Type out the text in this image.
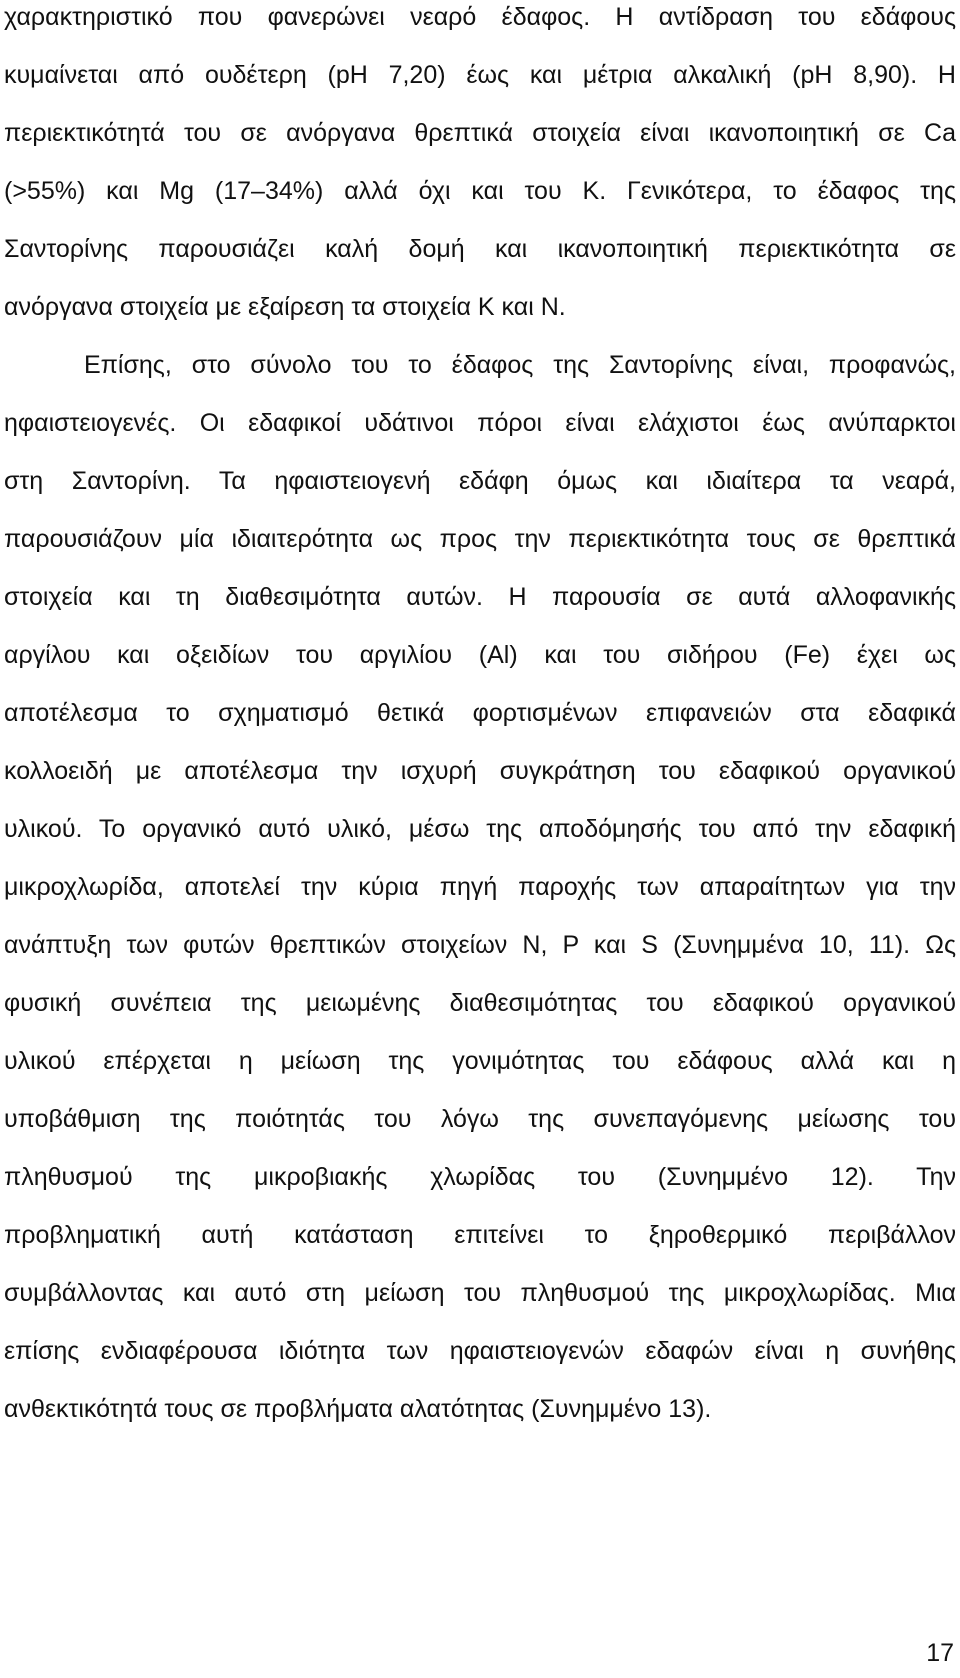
χαρακτηριστικό που φανερώνει νεαρό έδαφος. Η αντίδραση του εδάφους

κυμαίνεται από ουδέτερη (pH 7,20) έως και μέτρια αλκαλική (pH 8,90). Η

περιεκτικότητά του σε ανόργανα θρεπτικά στοιχεία είναι ικανοποιητική σε Ca

(>55%) και Mg (17–34%) αλλά όχι και του K. Γενικότερα, το έδαφος της

Σαντορίνης παρουσιάζει καλή δομή και ικανοποιητική περιεκτικότητα σε

ανόργανα στοιχεία με εξαίρεση τα στοιχεία K και N.

Επίσης, στο σύνολο του το έδαφος της Σαντορίνης είναι, προφανώς,

ηφαιστειογενές. Οι εδαφικοί υδάτινοι πόροι είναι ελάχιστοι έως ανύπαρκτοι

στη Σαντορίνη. Τα ηφαιστειογενή εδάφη όμως και ιδιαίτερα τα νεαρά,

παρουσιάζουν μία ιδιαιτερότητα ως προς την περιεκτικότητα τους σε θρεπτικά

στοιχεία και τη διαθεσιμότητα αυτών. Η παρουσία σε αυτά αλλοφανικής

αργίλου και οξειδίων του αργιλίου (Al) και του σιδήρου (Fe) έχει ως

αποτέλεσμα το σχηματισμό θετικά φορτισμένων επιφανειών στα εδαφικά

κολλοειδή με αποτέλεσμα την ισχυρή συγκράτηση του εδαφικού οργανικού

υλικού. Το οργανικό αυτό υλικό, μέσω της αποδόμησής του από την εδαφική

μικροχλωρίδα, αποτελεί την κύρια πηγή παροχής των απαραίτητων για την

ανάπτυξη των φυτών θρεπτικών στοιχείων N, P και S (Συνημμένα 10, 11). Ως

φυσική συνέπεια της μειωμένης διαθεσιμότητας του εδαφικού οργανικού

υλικού επέρχεται η μείωση της γονιμότητας του εδάφους αλλά και η

υποβάθμιση της ποιότητάς του λόγω της συνεπαγόμενης μείωσης του

πληθυσμού της μικροβιακής χλωρίδας του (Συνημμένο 12). Την

προβληματική αυτή κατάσταση επιτείνει το ξηροθερμικό περιβάλλον

συμβάλλοντας και αυτό στη μείωση του πληθυσμού της μικροχλωρίδας. Μια

επίσης ενδιαφέρουσα ιδιότητα των ηφαιστειογενών εδαφών είναι η συνήθης

ανθεκτικότητά τους σε προβλήματα αλατότητας (Συνημμένο 13).

17
